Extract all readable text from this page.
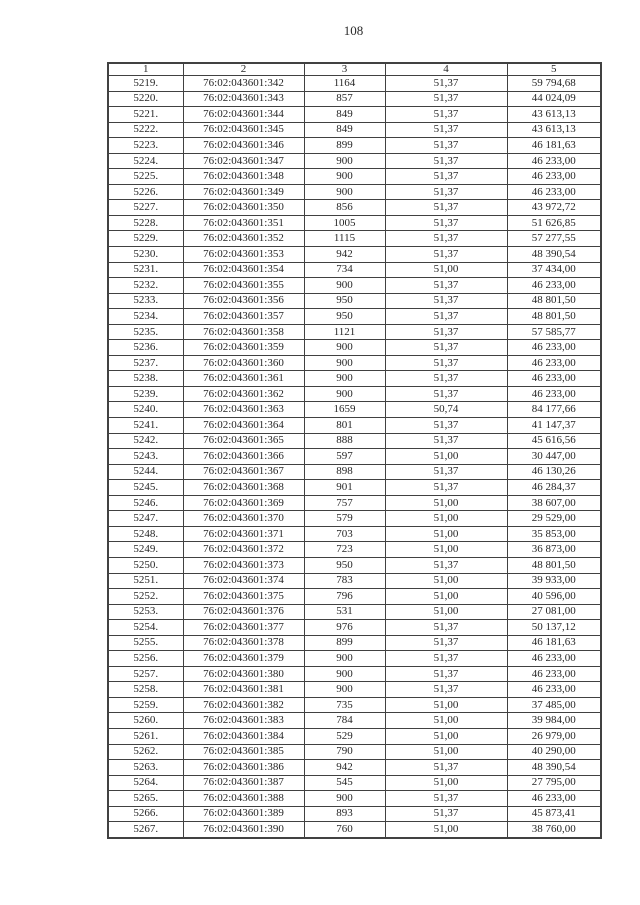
108
1	2	3	4	5
5219.	76:02:043601:342	1164	51,37	59 794,68
5220.	76:02:043601:343	857	51,37	44 024,09
5221.	76:02:043601:344	849	51,37	43 613,13
5222.	76:02:043601:345	849	51,37	43 613,13
5223.	76:02:043601:346	899	51,37	46 181,63
5224.	76:02:043601:347	900	51,37	46 233,00
5225.	76:02:043601:348	900	51,37	46 233,00
5226.	76:02:043601:349	900	51,37	46 233,00
5227.	76:02:043601:350	856	51,37	43 972,72
5228.	76:02:043601:351	1005	51,37	51 626,85
5229.	76:02:043601:352	1115	51,37	57 277,55
5230.	76:02:043601:353	942	51,37	48 390,54
5231.	76:02:043601:354	734	51,00	37 434,00
5232.	76:02:043601:355	900	51,37	46 233,00
5233.	76:02:043601:356	950	51,37	48 801,50
5234.	76:02:043601:357	950	51,37	48 801,50
5235.	76:02:043601:358	1121	51,37	57 585,77
5236.	76:02:043601:359	900	51,37	46 233,00
5237.	76:02:043601:360	900	51,37	46 233,00
5238.	76:02:043601:361	900	51,37	46 233,00
5239.	76:02:043601:362	900	51,37	46 233,00
5240.	76:02:043601:363	1659	50,74	84 177,66
5241.	76:02:043601:364	801	51,37	41 147,37
5242.	76:02:043601:365	888	51,37	45 616,56
5243.	76:02:043601:366	597	51,00	30 447,00
5244.	76:02:043601:367	898	51,37	46 130,26
5245.	76:02:043601:368	901	51,37	46 284,37
5246.	76:02:043601:369	757	51,00	38 607,00
5247.	76:02:043601:370	579	51,00	29 529,00
5248.	76:02:043601:371	703	51,00	35 853,00
5249.	76:02:043601:372	723	51,00	36 873,00
5250.	76:02:043601:373	950	51,37	48 801,50
5251.	76:02:043601:374	783	51,00	39 933,00
5252.	76:02:043601:375	796	51,00	40 596,00
5253.	76:02:043601:376	531	51,00	27 081,00
5254.	76:02:043601:377	976	51,37	50 137,12
5255.	76:02:043601:378	899	51,37	46 181,63
5256.	76:02:043601:379	900	51,37	46 233,00
5257.	76:02:043601:380	900	51,37	46 233,00
5258.	76:02:043601:381	900	51,37	46 233,00
5259.	76:02:043601:382	735	51,00	37 485,00
5260.	76:02:043601:383	784	51,00	39 984,00
5261.	76:02:043601:384	529	51,00	26 979,00
5262.	76:02:043601:385	790	51,00	40 290,00
5263.	76:02:043601:386	942	51,37	48 390,54
5264.	76:02:043601:387	545	51,00	27 795,00
5265.	76:02:043601:388	900	51,37	46 233,00
5266.	76:02:043601:389	893	51,37	45 873,41
5267.	76:02:043601:390	760	51,00	38 760,00
